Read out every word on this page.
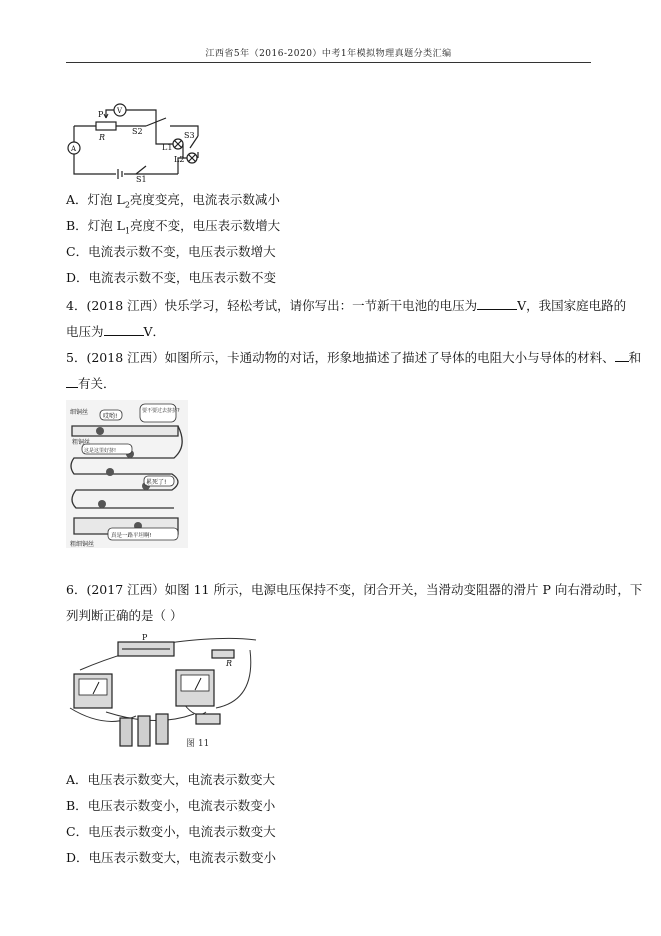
江西省5年（2016-2020）中考1年模拟物理真题分类汇编
P V
R
S2	S3
A	L1
L2
S1
A．灯泡 $L_2$亮度变亮，电流表示数减小
B．灯泡 $L_1$亮度不变，电压表示数增大
C．电流表示数不变，电压表示数增大
D．电流表示数不变，电压表示数不变
4．(2018 江西）快乐学习，轻松考试，请你写出：一节新干电池的电压为	V，我国家庭电路的
电压为	V．
5．(2018 江西）如图所示，卡通动物的对话，形象地描述了描述了导体的电阻大小与导体的材料、 和
有关．
细铜丝
哎哟!
要不要过去挤挤?
粗铜丝
这是这里好挤!
累死了!
粗细铜丝
真是一路平坦啊!
6．(2017 江西）如图 11 所示，电源电压保持不变，闭合开关，当滑动变阻器的滑片 P 向右滑动时，下
列判断正确的是（ ）
P
R
图 11
A．电压表示数变大，电流表示数变大
B．电压表示数变小，电流表示数变小
C．电压表示数变小，电流表示数变大
D．电压表示数变大，电流表示数变小
